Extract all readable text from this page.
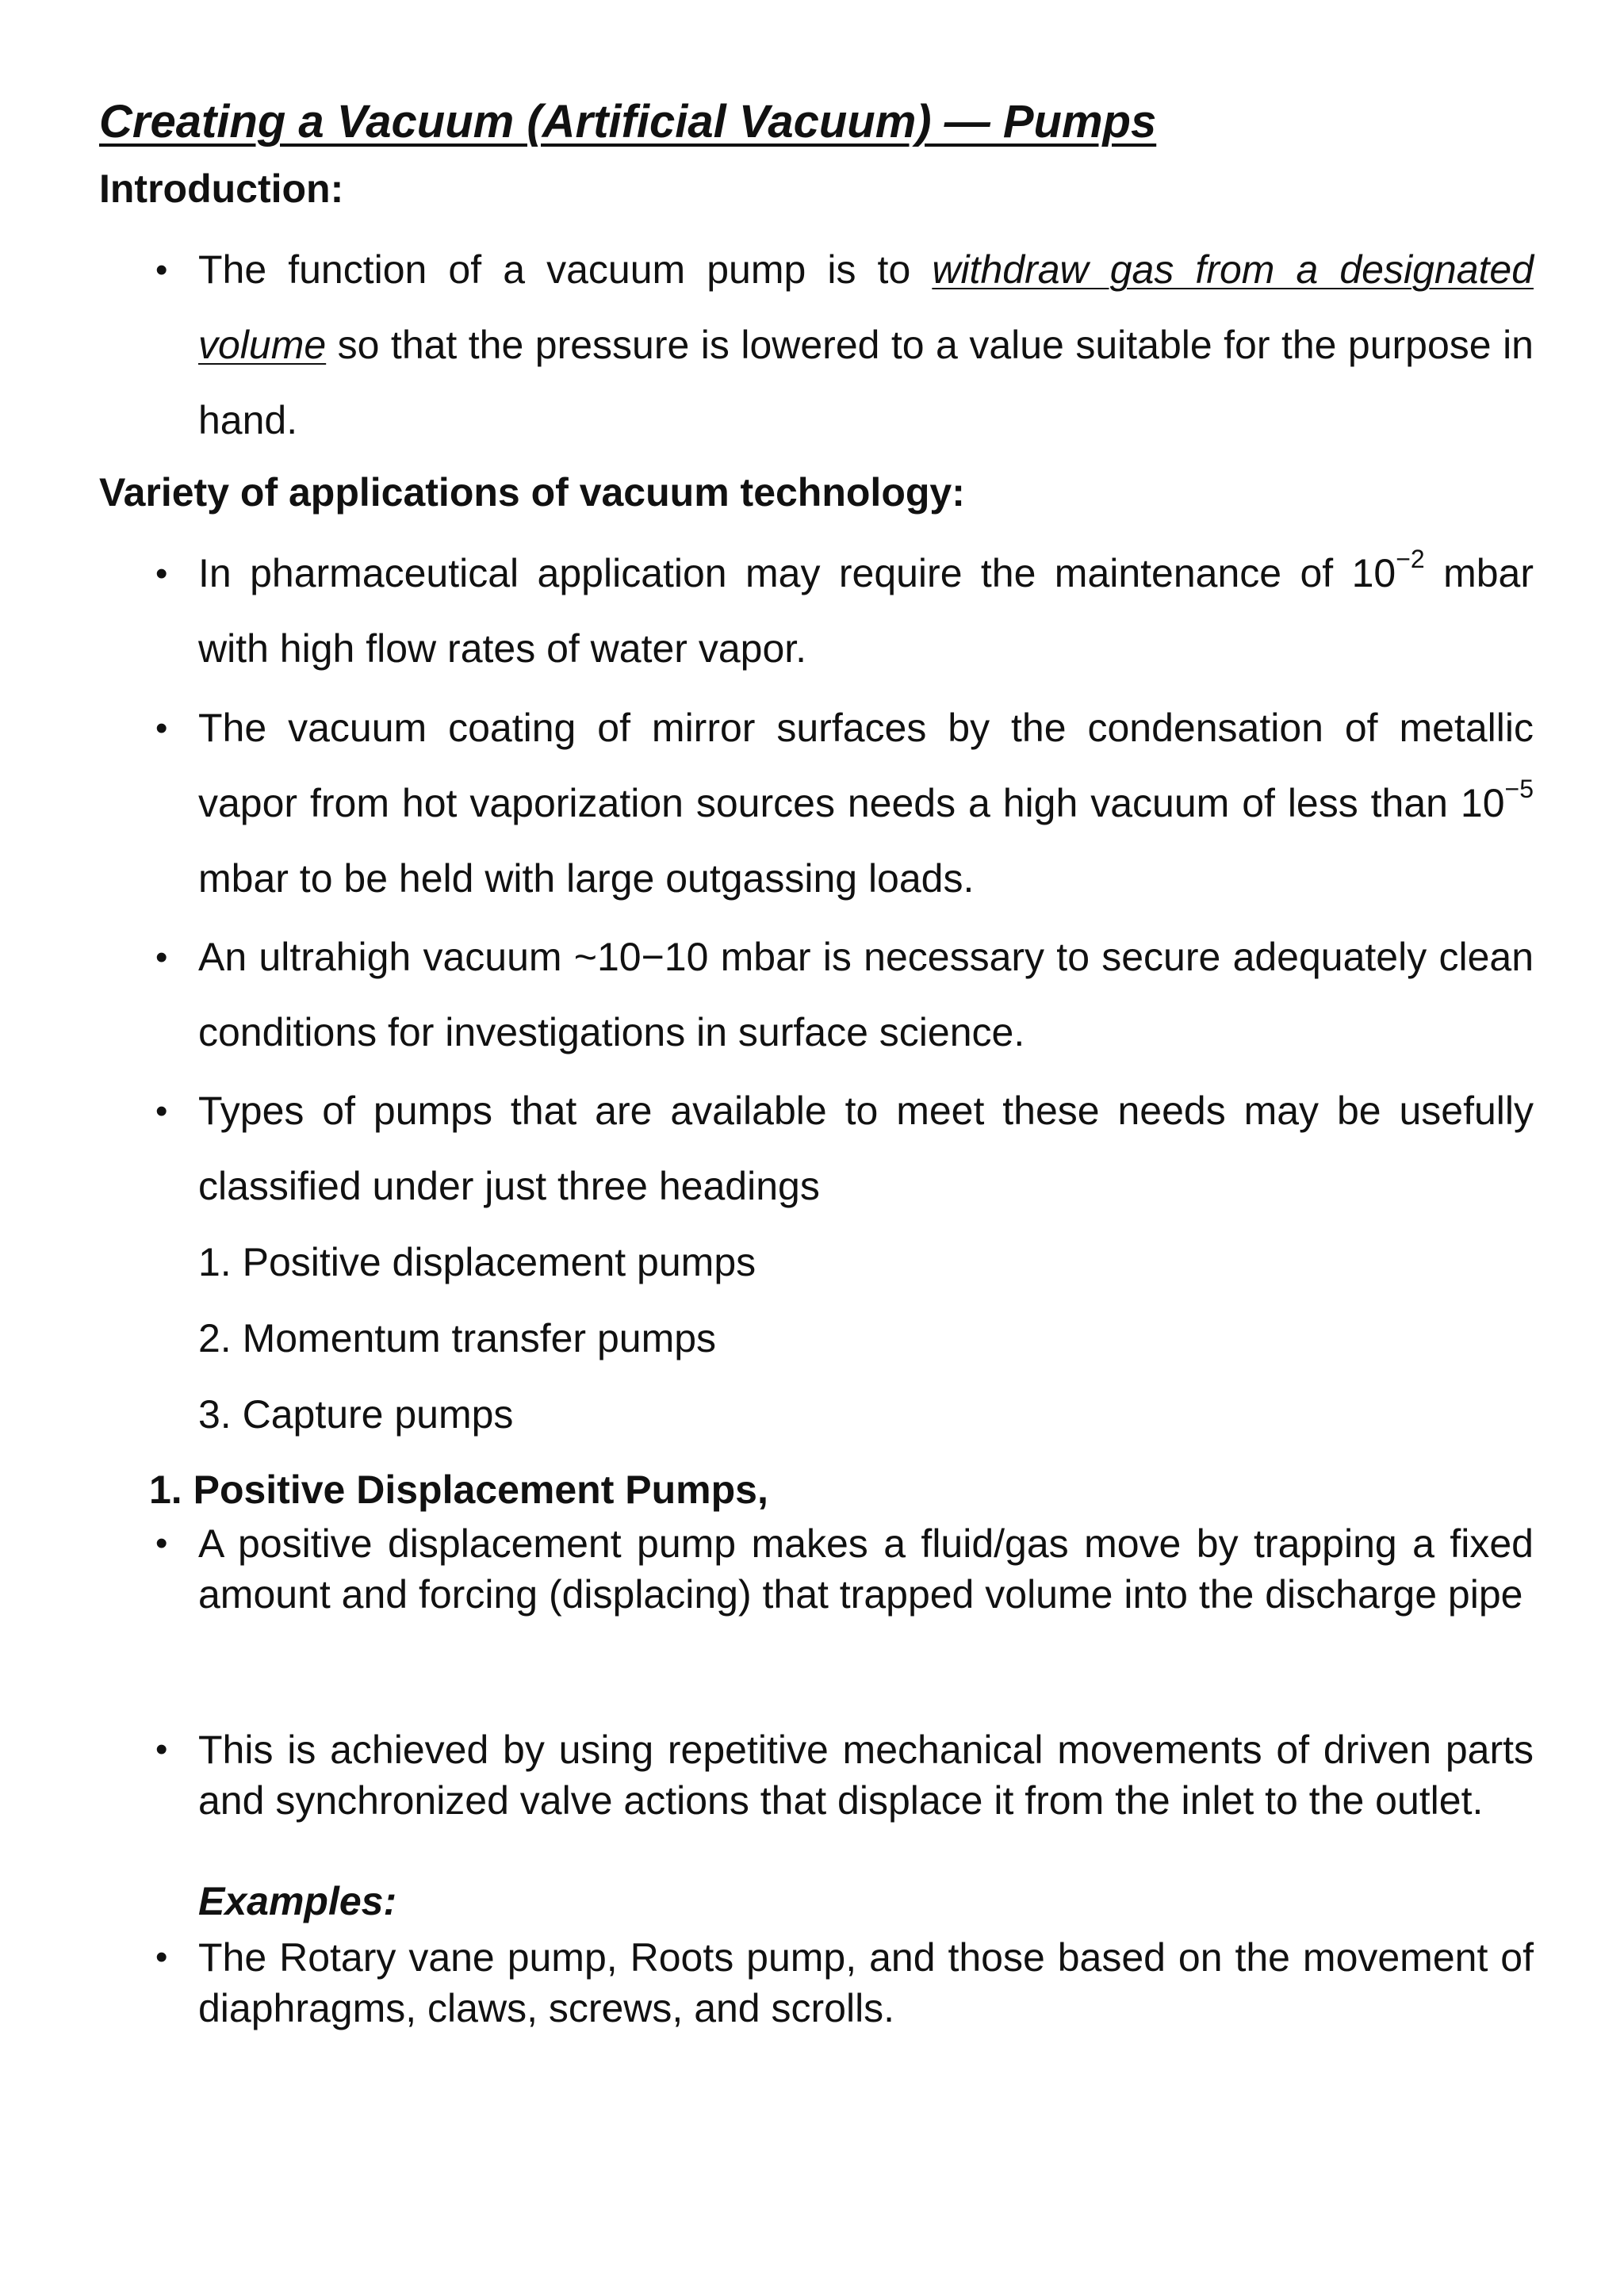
Creating a Vacuum (Artificial Vacuum) — Pumps
Introduction:
• The function of a vacuum pump is to withdraw gas from a designated volume so that the pressure is lowered to a value suitable for the purpose in hand.
Variety of applications of vacuum technology:
• In pharmaceutical application may require the maintenance of $10^{-2}$ mbar with high flow rates of water vapor.
• The vacuum coating of mirror surfaces by the condensation of metallic vapor from hot vaporization sources needs a high vacuum of less than $10^{-5}$ mbar to be held with large outgassing loads.
• An ultrahigh vacuum ~10−10 mbar is necessary to secure adequately clean conditions for investigations in surface science.
• Types of pumps that are available to meet these needs may be usefully classified under just three headings
1. Positive displacement pumps
2. Momentum transfer pumps
3. Capture pumps
1. Positive Displacement Pumps,
• A positive displacement pump makes a fluid/gas move by trapping a fixed amount and forcing (displacing) that trapped volume into the discharge pipe
• This is achieved by using repetitive mechanical movements of driven parts and synchronized valve actions that displace it from the inlet to the outlet.
Examples:
• The Rotary vane pump, Roots pump, and those based on the movement of diaphragms, claws, screws, and scrolls.
